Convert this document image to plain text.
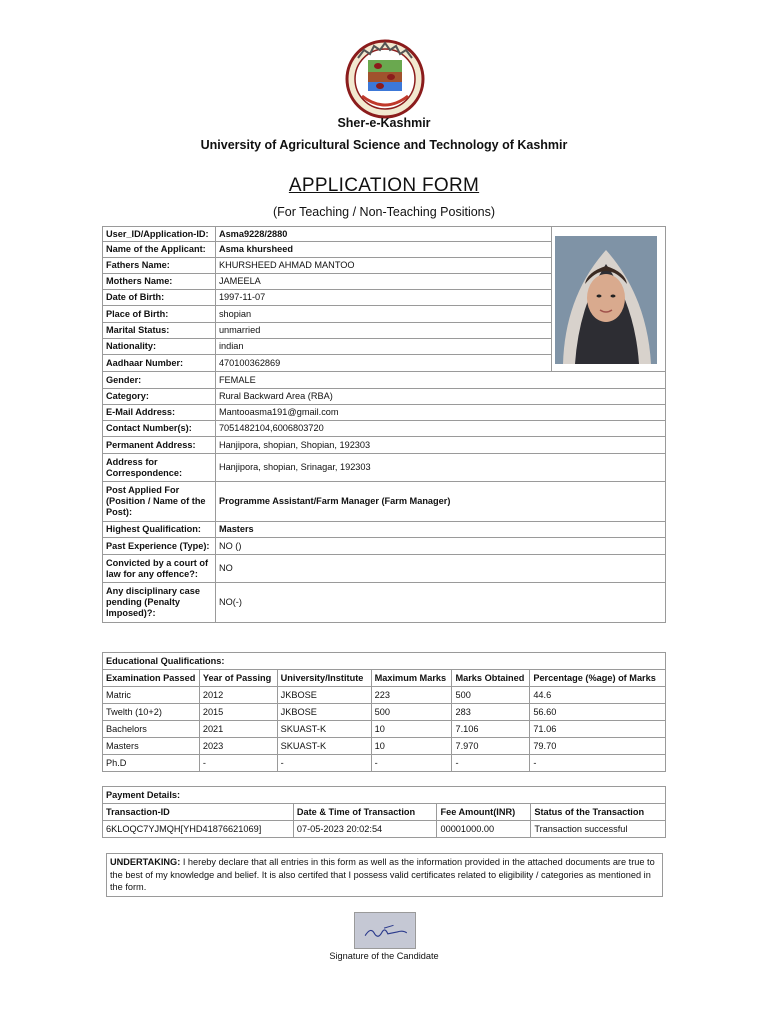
Sher-e-Kashmir
University of Agricultural Science and Technology of Kashmir
APPLICATION FORM
(For Teaching / Non-Teaching Positions)
User_ID/Application-ID:	Asma9228/2880	
Name of the Applicant:	Asma khursheed	
Fathers Name:	KHURSHEED AHMAD MANTOO	
Mothers Name:	JAMEELA	
Date of Birth:	1997-11-07	
Place of Birth:	shopian	
Marital Status:	unmarried	
Nationality:	indian	
Aadhaar Number:	470100362869	
Gender:	FEMALE	
Category:	Rural Backward Area (RBA)	
E-Mail Address:	Mantooasma191@gmail.com	
Contact Number(s):	7051482104,6006803720	
Permanent Address:	Hanjipora, shopian, Shopian, 192303	
Address for Correspondence:	Hanjipora, shopian, Srinagar, 192303	
Post Applied For (Position / Name of the Post):	Programme Assistant/Farm Manager (Farm Manager)	
Highest Qualification:	Masters	
Past Experience (Type):	NO ()	
Convicted by a court of law for any offence?:	NO	
Any disciplinary case pending (Penalty Imposed)?:	NO(-)	
Educational Qualifications:					
Examination Passed	Year of Passing	University/Institute	Maximum Marks	Marks Obtained	Percentage (%age) of Marks
Matric	2012	JKBOSE	223	500	44.6
Twelth (10+2)	2015	JKBOSE	500	283	56.60
Bachelors	2021	SKUAST-K	10	7.106	71.06
Masters	2023	SKUAST-K	10	7.970	79.70
Ph.D	-	-	-	-	-
Payment Details:			
Transaction-ID	Date & Time of Transaction	Fee Amount(INR)	Status of the Transaction
6KLOQC7YJMQH[YHD41876621069]	07-05-2023 20:02:54	00001000.00	Transaction successful
UNDERTAKING: I hereby declare that all entries in this form as well as the information provided in the attached documents are true to the best of my knowledge and belief. It is also certifed that I possess valid certificates related to eligibility / categories as mentioned in the form.
Signature of the Candidate
